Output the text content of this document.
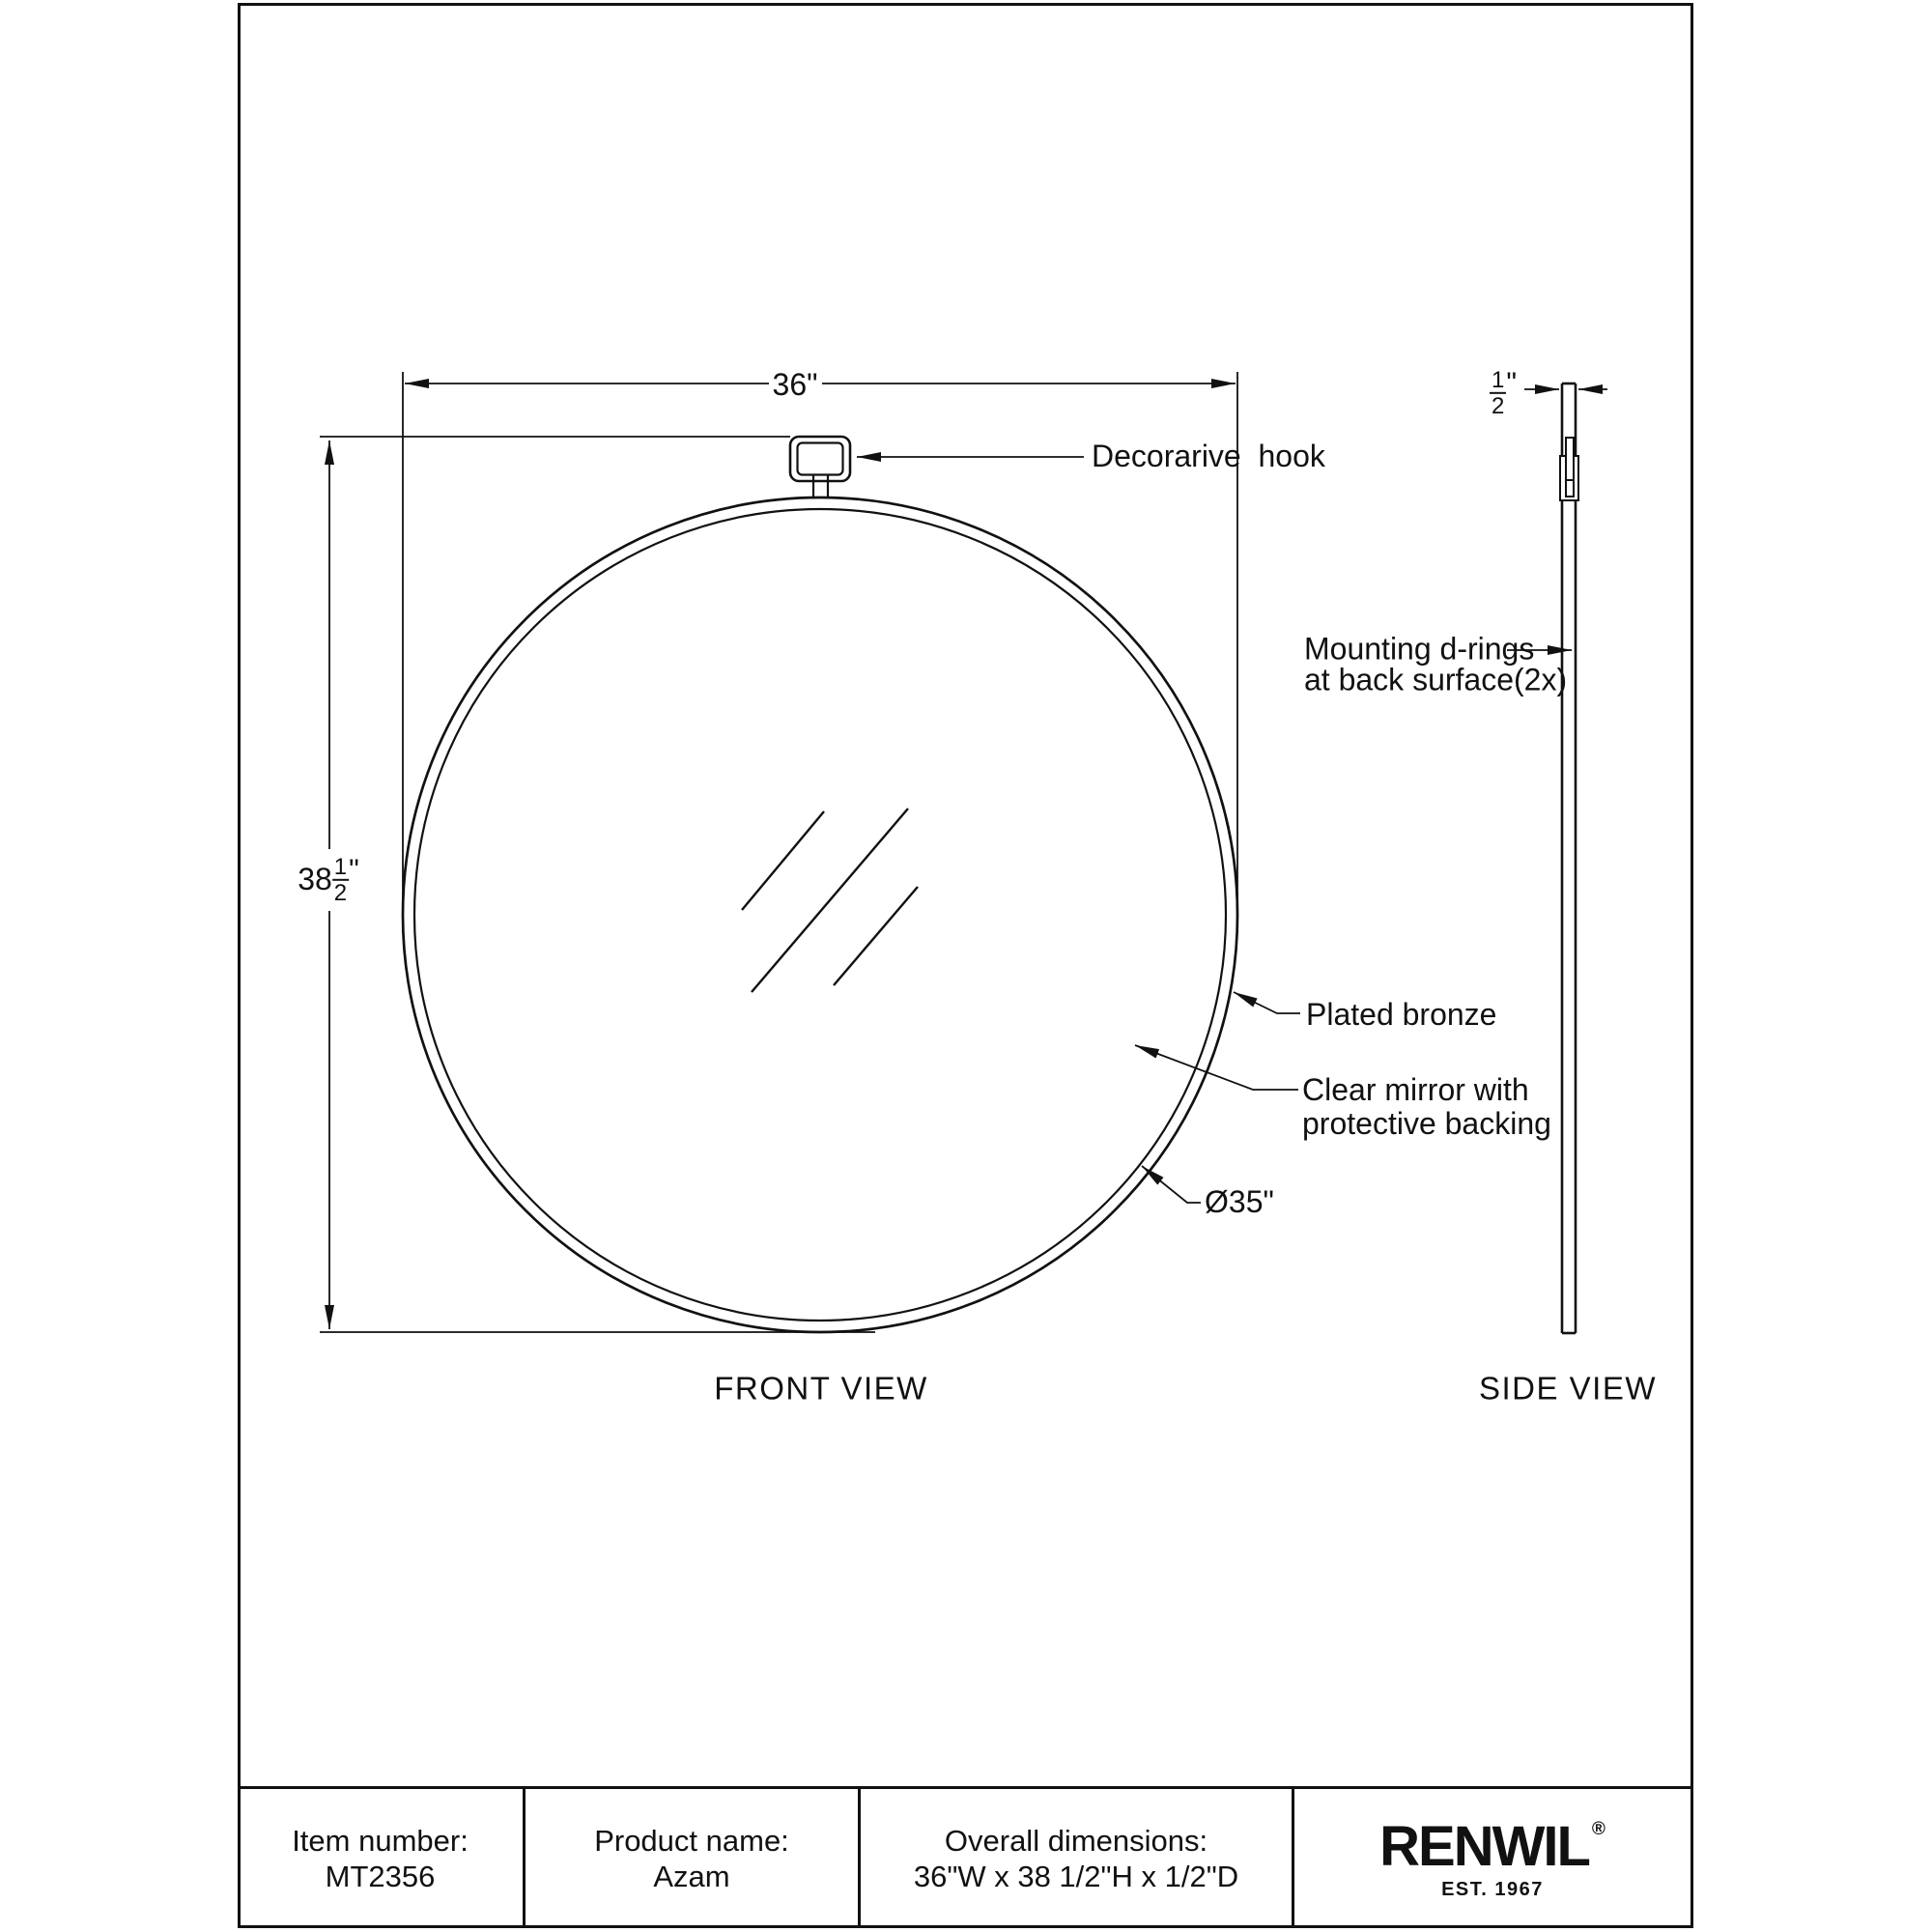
36"
$38 \frac{1}{2}$ "
Decorarive  hook
Plated bronze
Clear mirror with
protective backing
Ø35"
FRONT VIEW
$\frac{1}{2}$ "
Mounting d-rings
at back surface(2x)
SIDE VIEW
Item number:
MT2356
Product name:
Azam
Overall dimensions:
36"W x 38 1/2"H x 1/2"D	RENWIL ®
EST. 1967
